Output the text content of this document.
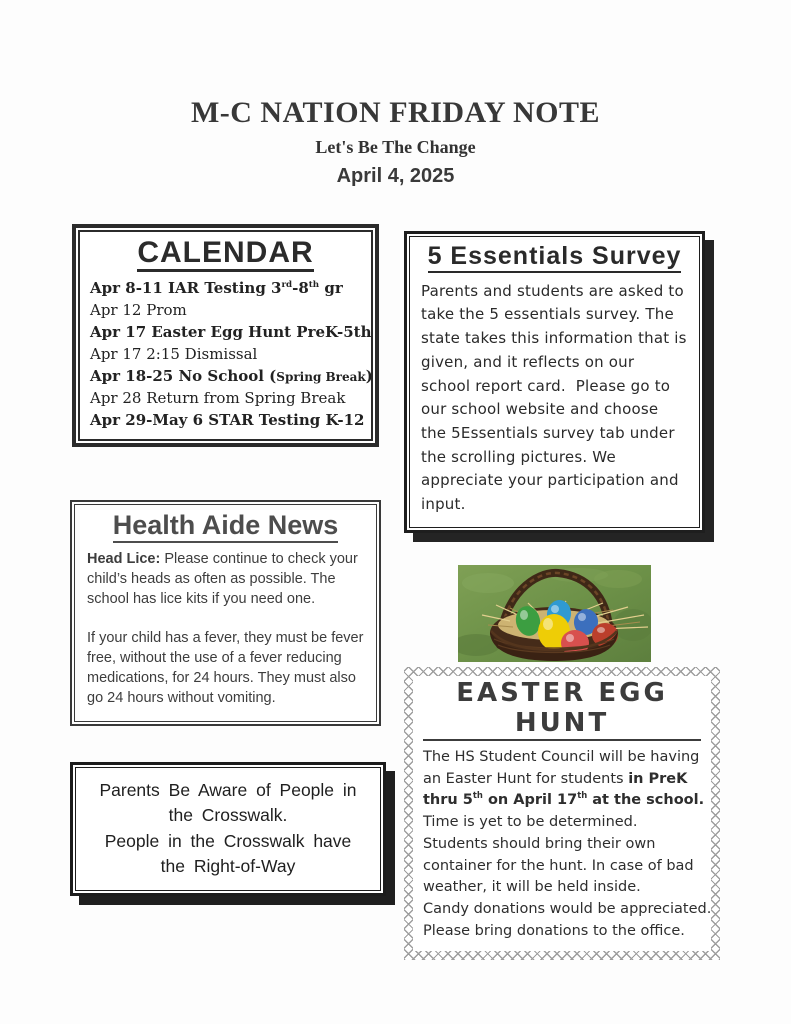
M-C NATION FRIDAY NOTE
Let's Be The Change
April 4, 2025
CALENDAR
Apr 8-11 IAR Testing 3rd-8th gr
Apr 12 Prom
Apr 17 Easter Egg Hunt PreK-5th
Apr 17 2:15 Dismissal
Apr 18-25 No School (Spring Break)
Apr 28 Return from Spring Break
Apr 29-May 6 STAR Testing K-12
5 Essentials Survey
Parents and students are asked to take the 5 essentials survey. The state takes this information that is given, and it reflects on our school report card.  Please go to our school website and choose the 5Essentials survey tab under the scrolling pictures. We appreciate your participation and input.
Health Aide News
Head Lice: Please continue to check your child’s heads as often as possible. The school has lice kits if you need one.
If your child has a fever, they must be fever free, without the use of a fever reducing medications, for 24 hours. They must also go 24 hours without vomiting.	EASTER EGG HUNT
The HS Student Council will be having
an Easter Hunt for students in PreK
thru 5th on April 17th at the school.
Time is yet to be determined.
Students should bring their own
container for the hunt. In case of bad
weather, it will be held inside.
Candy donations would be appreciated.
Please bring donations to the office.
Parents Be Aware of People in
the Crosswalk.
People in the Crosswalk have
the Right-of-Way
